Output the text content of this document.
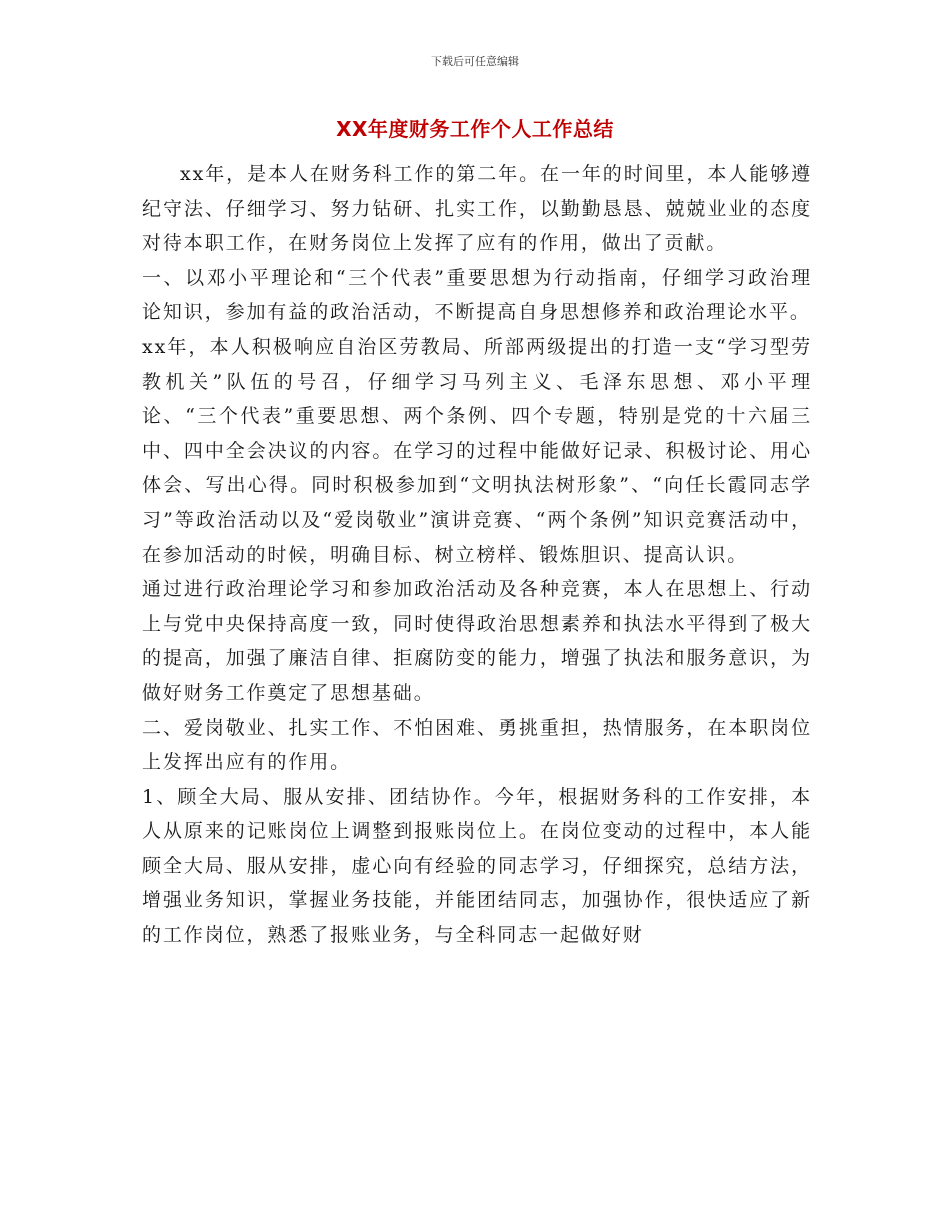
下载后可任意编辑
XX年度财务工作个人工作总结

xx年，是本人在财务科工作的第二年。在一年的时间里，本人能够遵纪守法、仔细学习、努力钻研、扎实工作，以勤勤恳恳、兢兢业业的态度对待本职工作，在财务岗位上发挥了应有的作用，做出了贡献。

一、以邓小平理论和“三个代表”重要思想为行动指南，仔细学习政治理论知识，参加有益的政治活动，不断提高自身思想修养和政治理论水平。

xx年，本人积极响应自治区劳教局、所部两级提出的打造一支“学习型劳教机关”队伍的号召，仔细学习马列主义、毛泽东思想、邓小平理论、“三个代表”重要思想、两个条例、四个专题，特别是党的十六届三中、四中全会决议的内容。在学习的过程中能做好记录、积极讨论、用心体会、写出心得。同时积极参加到“文明执法树形象”、“向任长霞同志学习”等政治活动以及“爱岗敬业”演讲竞赛、“两个条例”知识竞赛活动中，在参加活动的时候，明确目标、树立榜样、锻炼胆识、提高认识。

通过进行政治理论学习和参加政治活动及各种竞赛，本人在思想上、行动上与党中央保持高度一致，同时使得政治思想素养和执法水平得到了极大的提高，加强了廉洁自律、拒腐防变的能力，增强了执法和服务意识，为做好财务工作奠定了思想基础。

二、爱岗敬业、扎实工作、不怕困难、勇挑重担，热情服务，在本职岗位上发挥出应有的作用。

1、顾全大局、服从安排、团结协作。今年，根据财务科的工作安排，本人从原来的记账岗位上调整到报账岗位上。在岗位变动的过程中，本人能顾全大局、服从安排，虚心向有经验的同志学习，仔细探究，总结方法，增强业务知识，掌握业务技能，并能团结同志，加强协作，很快适应了新的工作岗位，熟悉了报账业务，与全科同志一起做好财
